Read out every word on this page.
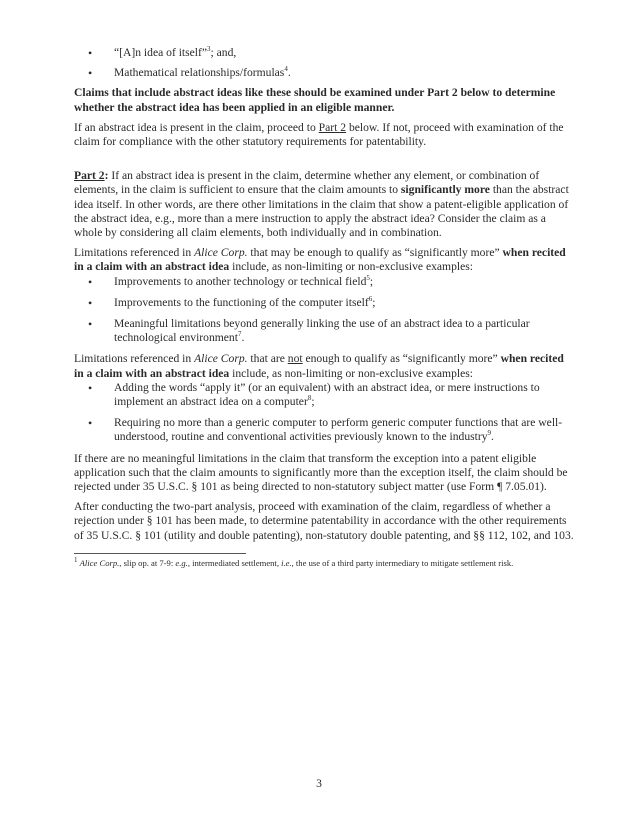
• “[A]n idea of itself”$^3$; and,
• Mathematical relationships/formulas$^4$.

Claims that include abstract ideas like these should be examined under Part 2 below to determine whether the abstract idea has been applied in an eligible manner.

If an abstract idea is present in the claim, proceed to Part 2 below. If not, proceed with examination of the claim for compliance with the other statutory requirements for patentability.

Part 2: If an abstract idea is present in the claim, determine whether any element, or combination of elements, in the claim is sufficient to ensure that the claim amounts to significantly more than the abstract idea itself. In other words, are there other limitations in the claim that show a patent-eligible application of the abstract idea, e.g., more than a mere instruction to apply the abstract idea? Consider the claim as a whole by considering all claim elements, both individually and in combination.

Limitations referenced in Alice Corp. that may be enough to qualify as “significantly more” when recited in a claim with an abstract idea include, as non-limiting or non-exclusive examples:

• Improvements to another technology or technical field$^5$;
• Improvements to the functioning of the computer itself$^6$;
• Meaningful limitations beyond generally linking the use of an abstract idea to a particular technological environment$^7$.

Limitations referenced in Alice Corp. that are not enough to qualify as “significantly more” when recited in a claim with an abstract idea include, as non-limiting or non-exclusive examples:

• Adding the words “apply it” (or an equivalent) with an abstract idea, or mere instructions to implement an abstract idea on a computer$^8$;
• Requiring no more than a generic computer to perform generic computer functions that are well-understood, routine and conventional activities previously known to the industry$^9$.

If there are no meaningful limitations in the claim that transform the exception into a patent eligible application such that the claim amounts to significantly more than the exception itself, the claim should be rejected under 35 U.S.C. § 101 as being directed to non-statutory subject matter (use Form ¶ 7.05.01).

After conducting the two-part analysis, proceed with examination of the claim, regardless of whether a rejection under § 101 has been made, to determine patentability in accordance with the other requirements of 35 U.S.C. § 101 (utility and double patenting), non-statutory double patenting, and §§ 112, 102, and 103.

$^1$ Alice Corp., slip op. at 7-9: e.g., intermediated settlement, i.e., the use of a third party intermediary to mitigate settlement risk.

3
